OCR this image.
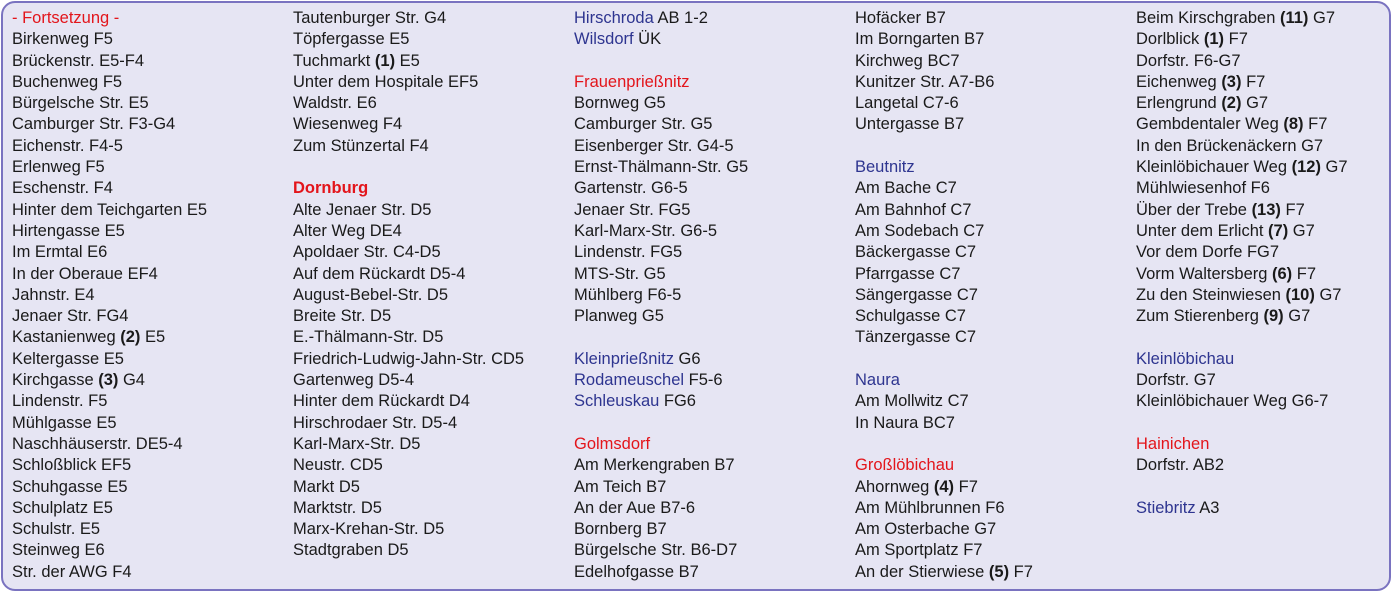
- Fortsetzung -
Birkenweg F5
Brückenstr. E5-F4
Buchenweg F5
Bürgelsche Str. E5
Camburger Str. F3-G4
Eichenstr. F4-5
Erlenweg F5
Eschenstr. F4
Hinter dem Teichgarten E5
Hirtengasse E5
Im Ermtal E6
In der Oberaue EF4
Jahnstr. E4
Jenaer Str. FG4
Kastanienweg (2) E5
Keltergasse E5
Kirchgasse (3) G4
Lindenstr. F5
Mühlgasse E5
Naschhäuserstr. DE5-4
Schloßblick EF5
Schuhgasse E5
Schulplatz E5
Schulstr. E5
Steinweg E6
Str. der AWG F4
Tautenburger Str. G4
Töpfergasse E5
Tuchmarkt (1) E5
Unter dem Hospitale EF5
Waldstr. E6
Wiesenweg F4
Zum Stünzertal F4
Dornburg
Alte Jenaer Str. D5
Alter Weg DE4
Apoldaer Str. C4-D5
Auf dem Rückardt D5-4
August-Bebel-Str. D5
Breite Str. D5
E.-Thälmann-Str. D5
Friedrich-Ludwig-Jahn-Str. CD5
Gartenweg D5-4
Hinter dem Rückardt D4
Hirschrodaer Str. D5-4
Karl-Marx-Str. D5
Neustr. CD5
Markt D5
Marktstr. D5
Marx-Krehan-Str. D5
Stadtgraben D5
Hirschroda AB 1-2
Wilsdorf ÜK
Frauenprießnitz
Bornweg G5
Camburger Str. G5
Eisenberger Str. G4-5
Ernst-Thälmann-Str. G5
Gartenstr. G6-5
Jenaer Str. FG5
Karl-Marx-Str. G6-5
Lindenstr. FG5
MTS-Str. G5
Mühlberg F6-5
Planweg G5
Kleinprießnitz G6
Rodameuschel F5-6
Schleuskau FG6
Golmsdorf
Am Merkengraben B7
Am Teich B7
An der Aue B7-6
Bornberg B7
Bürgelsche Str. B6-D7
Edelhofgasse B7
Hofäcker B7
Im Borngarten B7
Kirchweg BC7
Kunitzer Str. A7-B6
Langetal C7-6
Untergasse B7
Beutnitz
Am Bache C7
Am Bahnhof C7
Am Sodebach C7
Bäckergasse C7
Pfarrgasse C7
Sängergasse C7
Schulgasse C7
Tänzergasse C7
Naura
Am Mollwitz C7
In Naura BC7
Großlöbichau
Ahornweg (4) F7
Am Mühlbrunnen F6
Am Osterbache G7
Am Sportplatz F7
An der Stierwiese (5) F7
Beim Kirschgraben (11) G7
Dorlblick (1) F7
Dorfstr. F6-G7
Eichenweg (3) F7
Erlengrund (2) G7
Gembdentaler Weg (8) F7
In den Brückenäckern G7
Kleinlöbichauer Weg (12) G7
Mühlwiesenhof F6
Über der Trebe (13) F7
Unter dem Erlicht (7) G7
Vor dem Dorfe FG7
Vorm Waltersberg (6) F7
Zu den Steinwiesen (10) G7
Zum Stierenberg (9) G7
Kleinlöbichau
Dorfstr. G7
Kleinlöbichauer Weg G6-7
Hainichen
Dorfstr. AB2
Stiebritz A3
